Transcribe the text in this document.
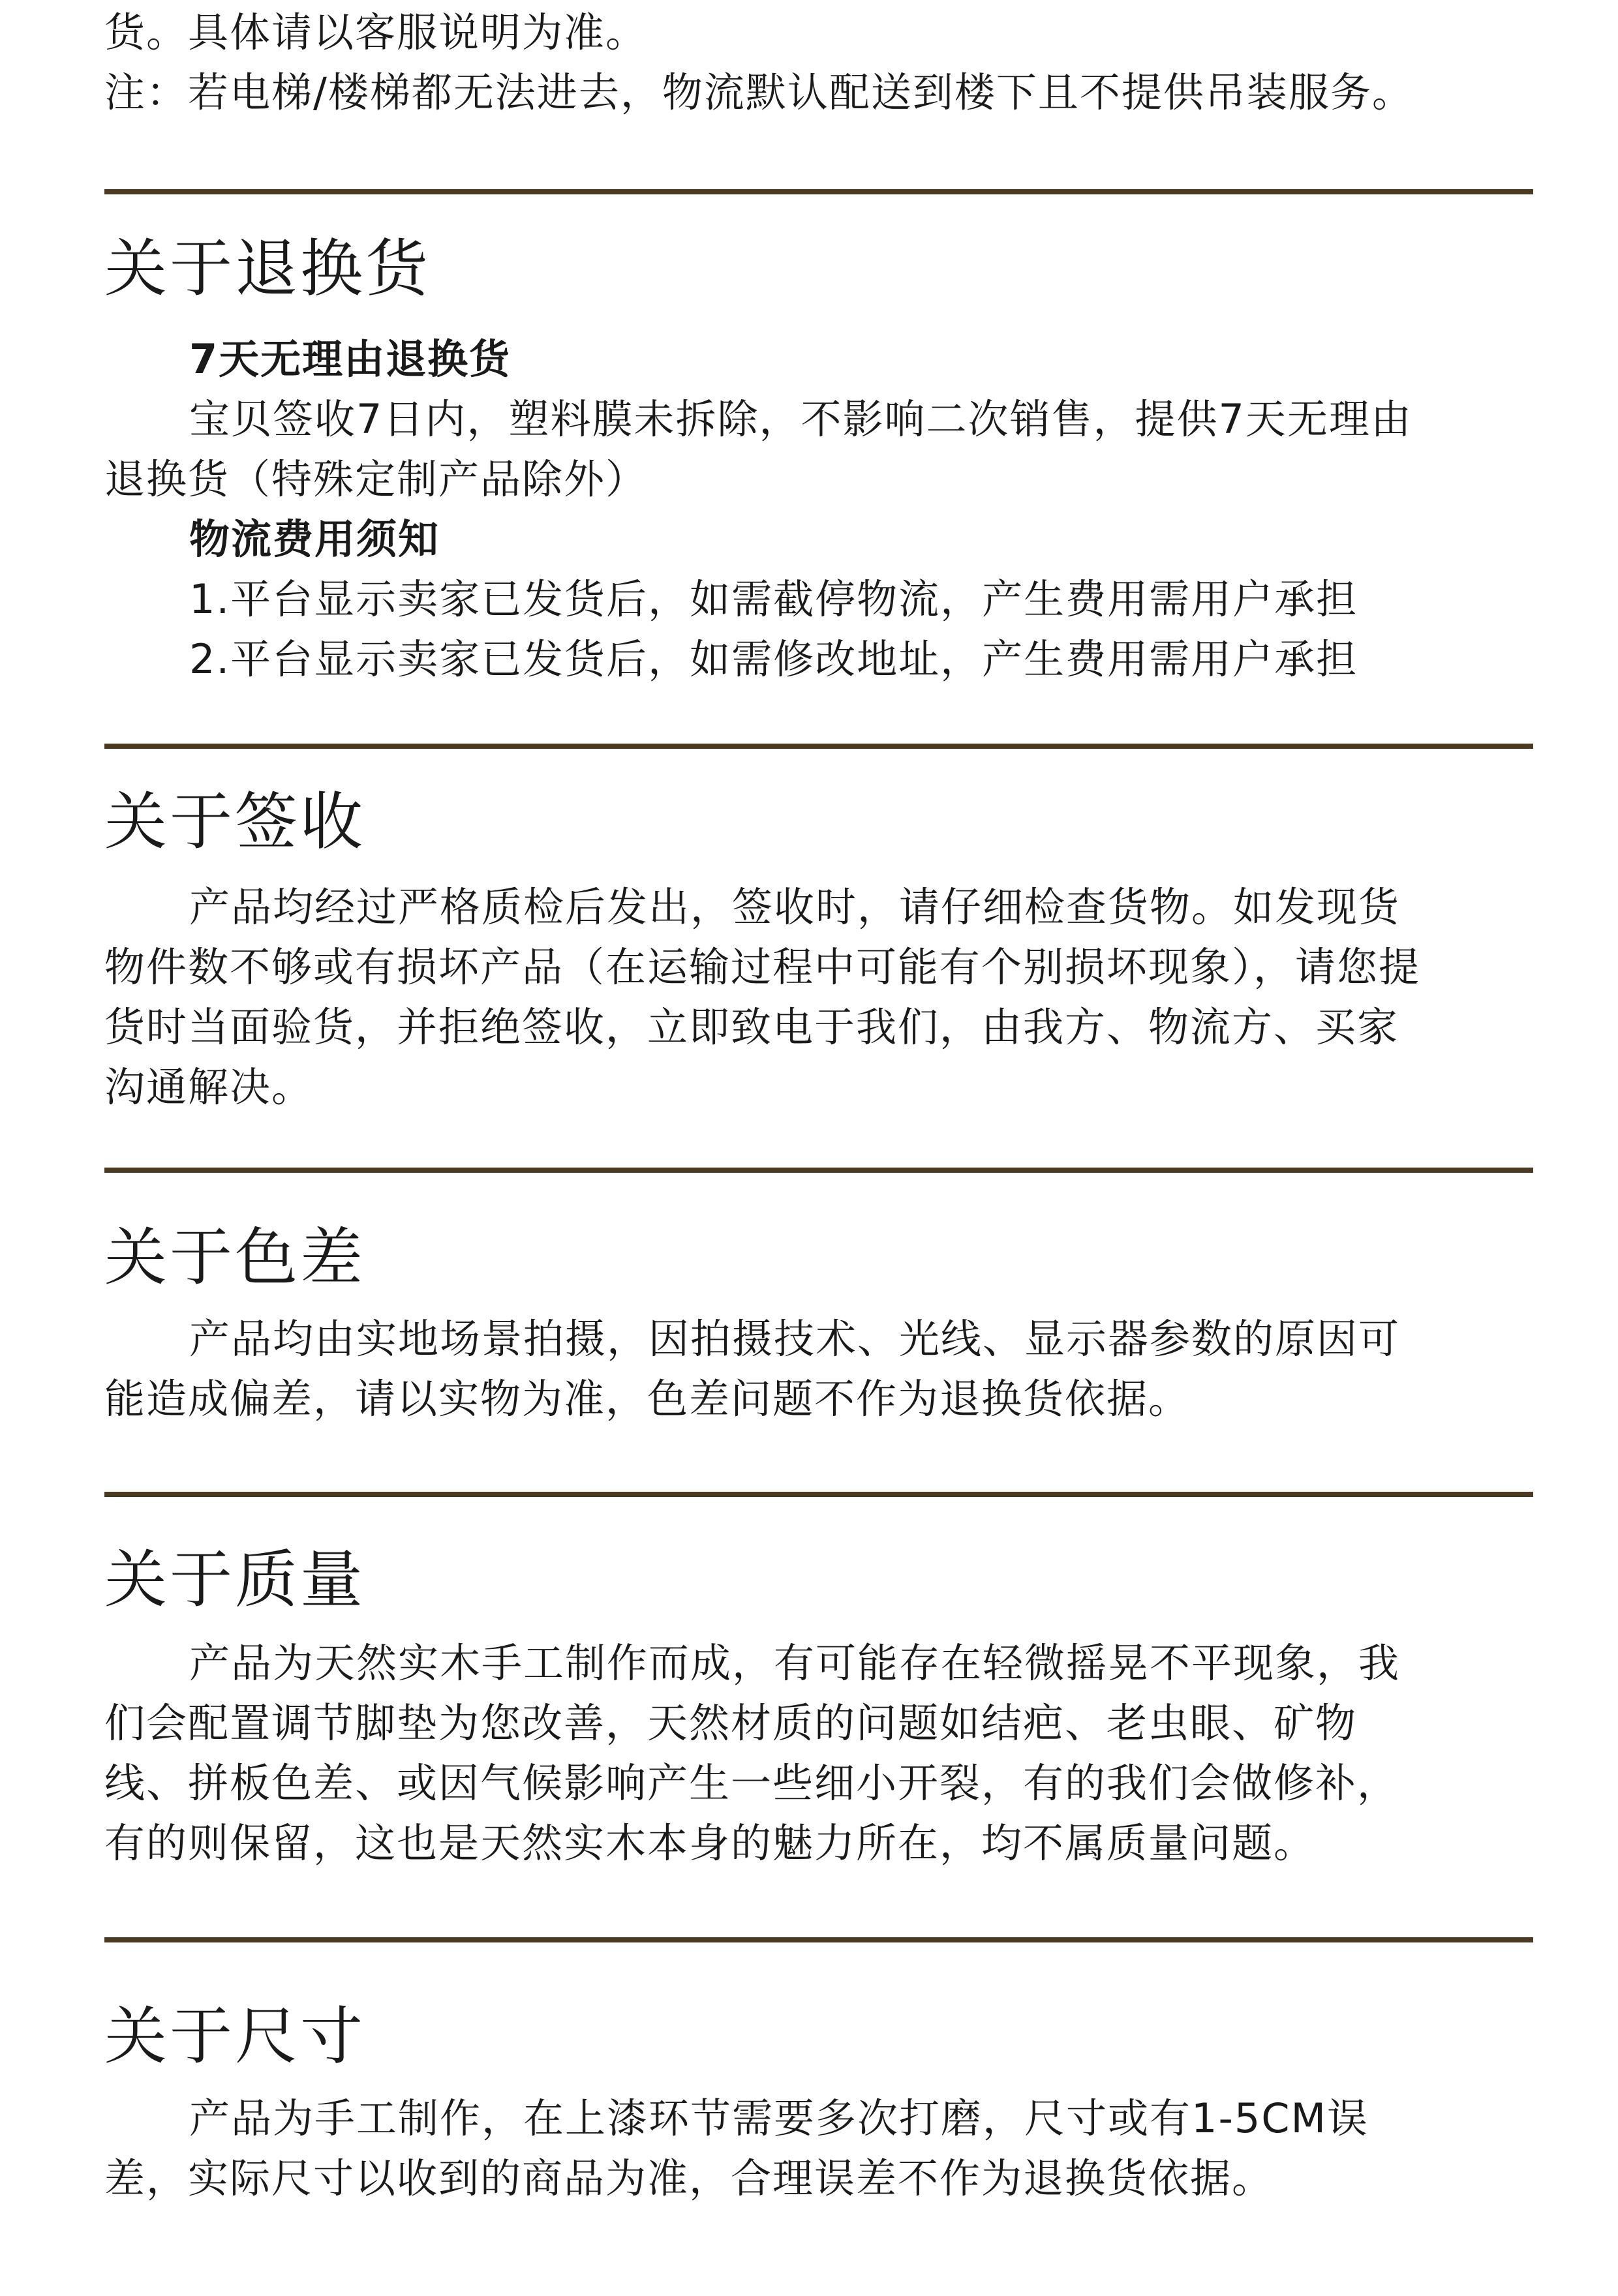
货。具体请以客服说明为准。
注：若电梯/楼梯都无法进去，物流默认配送到楼下且不提供吊装服务。
关于退换货
7天无理由退换货
宝贝签收7日内，塑料膜未拆除，不影响二次销售，提供7天无理由
退换货（特殊定制产品除外）
物流费用须知
1.平台显示卖家已发货后，如需截停物流，产生费用需用户承担
2.平台显示卖家已发货后，如需修改地址，产生费用需用户承担
关于签收
产品均经过严格质检后发出，签收时，请仔细检查货物。如发现货
物件数不够或有损坏产品（在运输过程中可能有个别损坏现象），请您提
货时当面验货，并拒绝签收，立即致电于我们，由我方、物流方、买家
沟通解决。
关于色差
产品均由实地场景拍摄，因拍摄技术、光线、显示器参数的原因可
能造成偏差，请以实物为准，色差问题不作为退换货依据。
关于质量
产品为天然实木手工制作而成，有可能存在轻微摇晃不平现象，我
们会配置调节脚垫为您改善，天然材质的问题如结疤、老虫眼、矿物
线、拼板色差、或因气候影响产生一些细小开裂，有的我们会做修补，
有的则保留，这也是天然实木本身的魅力所在，均不属质量问题。
关于尺寸
产品为手工制作，在上漆环节需要多次打磨，尺寸或有1-5CM误
差，实际尺寸以收到的商品为准，合理误差不作为退换货依据。
